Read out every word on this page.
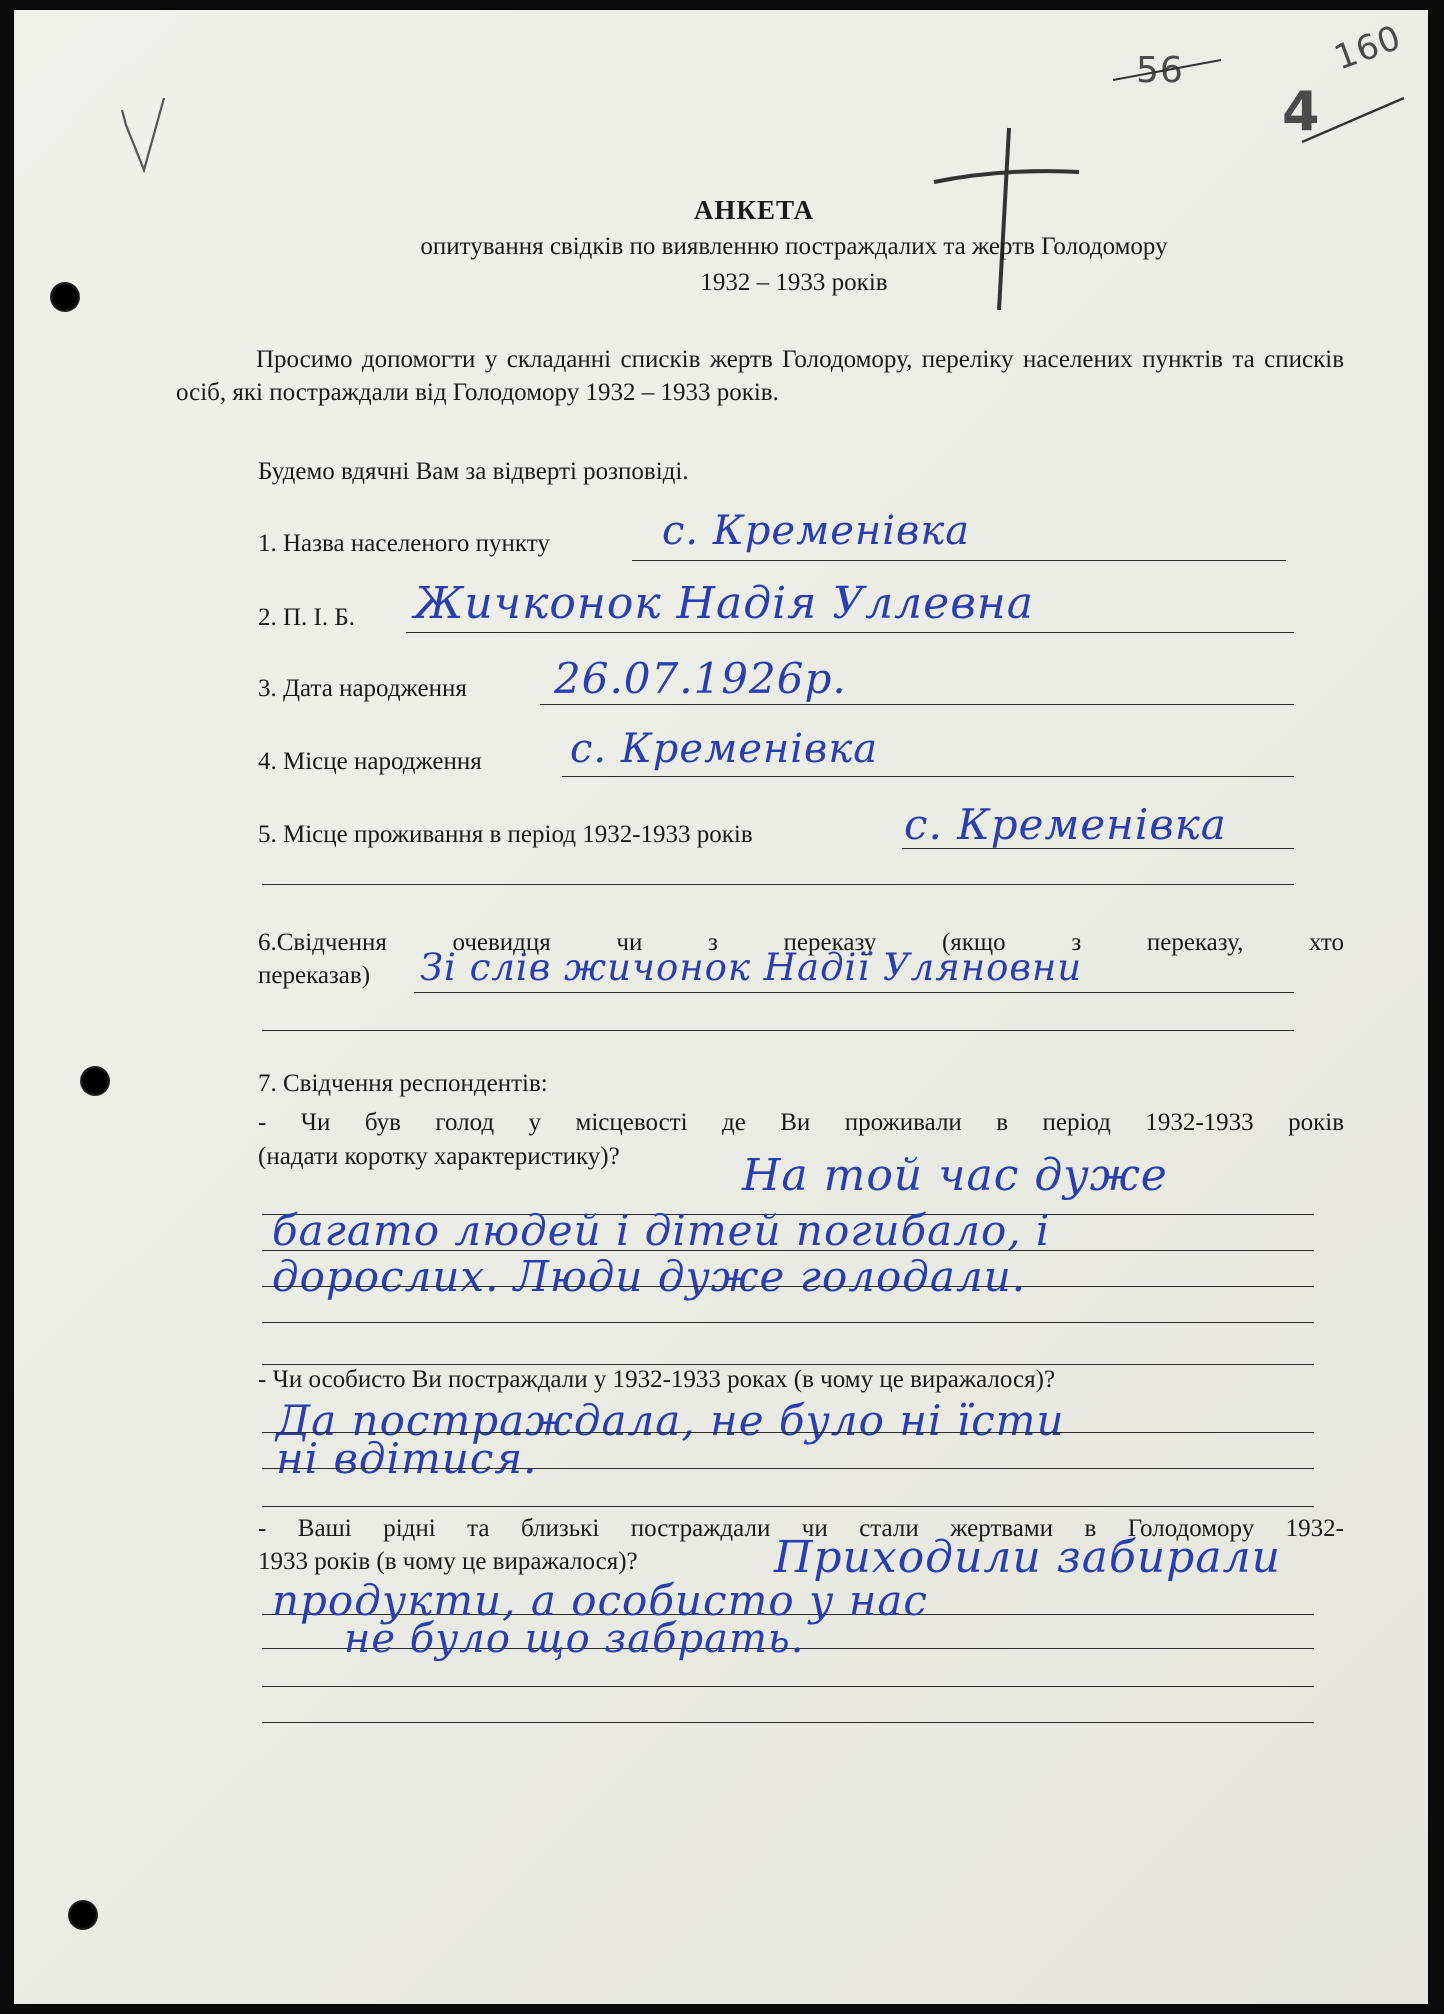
56	160
4
АНКЕТА
опитування свідків по виявленню постраждалих та жертв Голодомору
1932 – 1933 років
Просимо допомогти у складанні списків жертв Голодомору, переліку населених пунктів та списків осіб, які постраждали від Голодомору 1932 – 1933 років.
Будемо вдячні Вам за відверті розповіді.
1. Назва населеного пункту	с. Кременівка
2. П. І. Б. Жичконок Надія Уллевна
3. Дата народження 26.07.1926р.
4. Місце народження с. Кременівка
5. Місце проживання в період 1932-1933 років	с. Кременівка
6.Свідчення очевидця чи з переказу (якщо з переказу, хто
переказав) Зі слів жичонок Надії Уляновни
7. Свідчення респондентів:
- Чи був голод у місцевості де Ви проживали в період 1932-1933 років
(надати коротку характеристику)?	На той час дуже
багато людей і дітей погибало, і
дорослих. Люди дуже голодали.
- Чи особисто Ви постраждали у 1932-1933 роках (в чому це виражалося)?
Да постраждала, не було ні їсти
ні вдітися.
- Ваші рідні та близькі постраждали чи стали жертвами в Голодомору 1932-
1933 років (в чому це виражалося)?	Приходили забирали
продукти, а особисто у нас
не було що забрать.
